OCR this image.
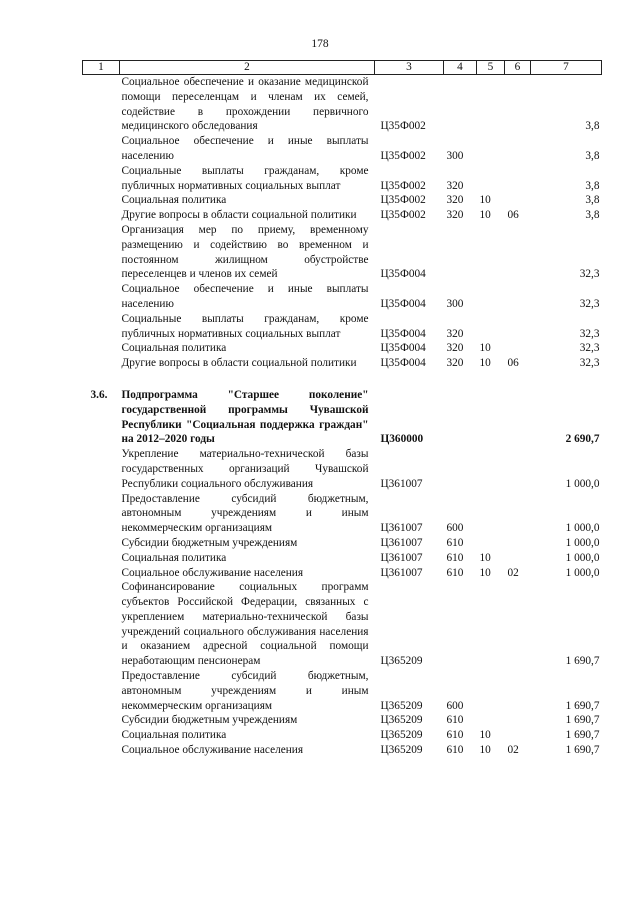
178
1	2	3	4	5	6	7
	Социальное обеспечение и оказание медицинской помощи переселенцам и членам их семей, содействие в прохождении первичного медицинского обследования	Ц35Ф002				3,8
	Социальное обеспечение и иные выплаты населению	Ц35Ф002	300			3,8
	Социальные выплаты гражданам, кроме публичных нормативных социальных выплат	Ц35Ф002	320			3,8
	Социальная политика	Ц35Ф002	320	10		3,8
	Другие вопросы в области социальной политики	Ц35Ф002	320	10	06	3,8
	Организация мер по приему, временному размещению и содействию во временном и постоянном жилищном обустройстве переселенцев и членов их семей	Ц35Ф004				32,3
	Социальное обеспечение и иные выплаты населению	Ц35Ф004	300			32,3
	Социальные выплаты гражданам, кроме публичных нормативных социальных выплат	Ц35Ф004	320			32,3
	Социальная политика	Ц35Ф004	320	10		32,3
	Другие вопросы в области социальной политики	Ц35Ф004	320	10	06	32,3
3.6.	Подпрограмма "Старшее поколение" государственной программы Чувашской Республики "Социальная поддержка граждан" на 2012–2020 годы	Ц360000				2 690,7
	Укрепление материально-технической базы государственных организаций Чувашской Республики социального обслуживания	Ц361007				1 000,0
	Предоставление субсидий бюджетным, автономным учреждениям и иным некоммерческим организациям	Ц361007	600			1 000,0
	Субсидии бюджетным учреждениям	Ц361007	610			1 000,0
	Социальная политика	Ц361007	610	10		1 000,0
	Социальное обслуживание населения	Ц361007	610	10	02	1 000,0
	Софинансирование социальных программ субъектов Российской Федерации, связанных с укреплением материально-технической базы учреждений социального обслуживания населения и оказанием адресной социальной помощи неработающим пенсионерам	Ц365209				1 690,7
	Предоставление субсидий бюджетным, автономным учреждениям и иным некоммерческим организациям	Ц365209	600			1 690,7
	Субсидии бюджетным учреждениям	Ц365209	610			1 690,7
	Социальная политика	Ц365209	610	10		1 690,7
	Социальное обслуживание населения	Ц365209	610	10	02	1 690,7
